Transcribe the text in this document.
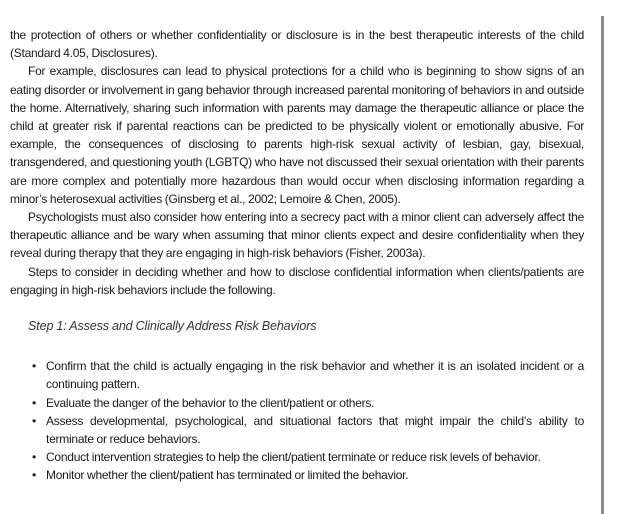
the protection of others or whether confidentiality or disclosure is in the best therapeutic interests of the child (Standard 4.05, Disclosures).

For example, disclosures can lead to physical protections for a child who is beginning to show signs of an eating disorder or involvement in gang behavior through increased parental monitoring of behaviors in and outside the home. Alternatively, sharing such information with parents may damage the therapeutic alliance or place the child at greater risk if parental reactions can be predicted to be physically violent or emotionally abusive. For example, the consequences of disclosing to parents high-risk sexual activity of lesbian, gay, bisexual, transgendered, and questioning youth (LGBTQ) who have not discussed their sexual orientation with their parents are more complex and potentially more hazardous than would occur when disclosing information regarding a minor’s heterosexual activities (Ginsberg et al., 2002; Lemoire & Chen, 2005).

Psychologists must also consider how entering into a secrecy pact with a minor client can adversely affect the therapeutic alliance and be wary when assuming that minor clients expect and desire confidentiality when they reveal during therapy that they are engaging in high-risk behaviors (Fisher, 2003a).

Steps to consider in deciding whether and how to disclose confidential information when clients/patients are engaging in high-risk behaviors include the following.

Step 1: Assess and Clinically Address Risk Behaviors
• Confirm that the child is actually engaging in the risk behavior and whether it is an isolated incident or a continuing pattern.
• Evaluate the danger of the behavior to the client/patient or others.
• Assess developmental, psychological, and situational factors that might impair the child’s ability to terminate or reduce behaviors.
• Conduct intervention strategies to help the client/patient terminate or reduce risk levels of behavior.
• Monitor whether the client/patient has terminated or limited the behavior.
